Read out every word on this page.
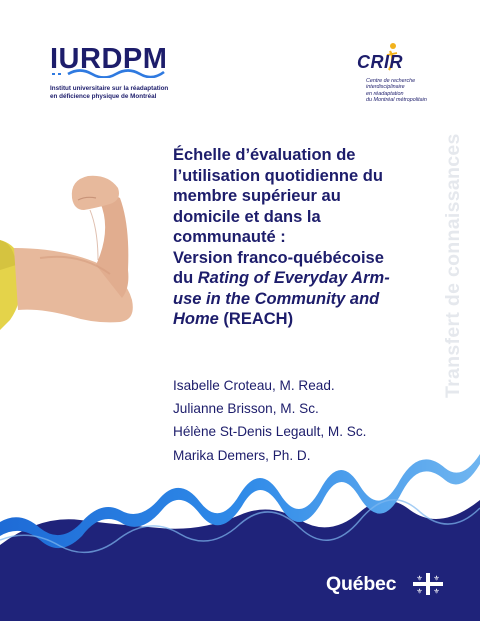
IURDPM
Institut universitaire sur la réadaptation
en déficience physique de Montréal
CRIR
Centre de recherche
interdisciplinaire
en réadaptation
du Montréal métropolitain
Échelle d’évaluation de
l’utilisation quotidienne du
membre supérieur au
domicile et dans la
communauté :
Version franco-québécoise
du Rating of Everyday Arm-
use in the Community and
Home (REACH)	Transfert de connaissances
Isabelle Croteau, M. Read.
Julianne Brisson, M. Sc.
Hélène St-Denis Legault, M. Sc.
Marika Demers, Ph. D.
Québec	⚜ ⚜
⚜ ⚜
